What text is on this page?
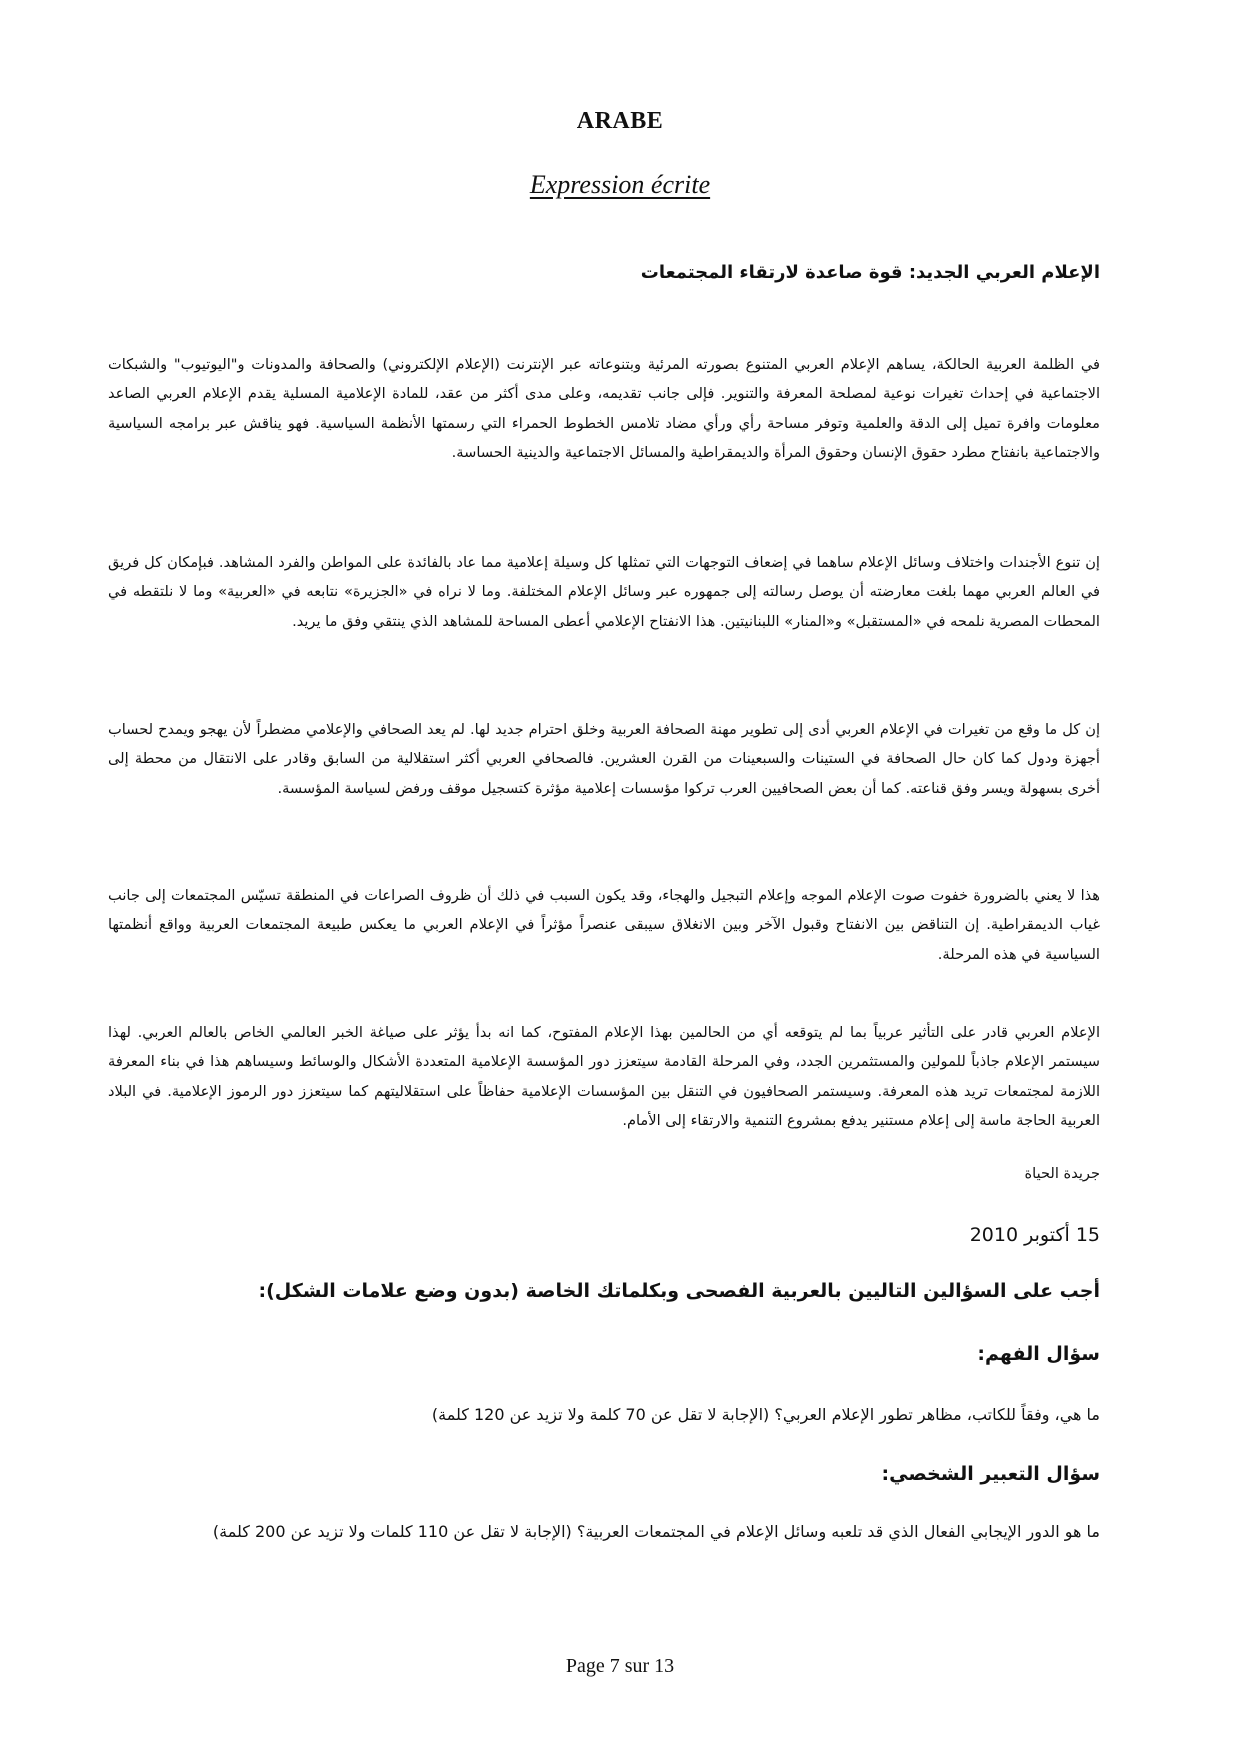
ARABE
Expression écrite
الإعلام العربي الجديد: قوة صاعدة لارتقاء المجتمعات

في الظلمة العربية الحالكة، يساهم الإعلام العربي المتنوع بصورته المرئية وبتنوعاته عبر الإنترنت (الإعلام الإلكتروني) والصحافة والمدونات و"اليوتيوب" والشبكات الاجتماعية في إحداث تغيرات نوعية لمصلحة المعرفة والتنوير. فإلى جانب تقديمه، وعلى مدى أكثر من عقد، للمادة الإعلامية المسلية يقدم الإعلام العربي الصاعد معلومات وافرة تميل إلى الدقة والعلمية وتوفر مساحة رأي ورأي مضاد تلامس الخطوط الحمراء التي رسمتها الأنظمة السياسية. فهو يناقش عبر برامجه السياسية والاجتماعية بانفتاح مطرد حقوق الإنسان وحقوق المرأة والديمقراطية والمسائل الاجتماعية والدينية الحساسة.

إن تنوع الأجندات واختلاف وسائل الإعلام ساهما في إضعاف التوجهات التي تمثلها كل وسيلة إعلامية مما عاد بالفائدة على المواطن والفرد المشاهد. فبإمكان كل فريق في العالم العربي مهما بلغت معارضته أن يوصل رسالته إلى جمهوره عبر وسائل الإعلام المختلفة. وما لا نراه في «الجزيرة» نتابعه في «العربية» وما لا نلتقطه في المحطات المصرية نلمحه في «المستقبل» و«المنار» اللبنانيتين. هذا الانفتاح الإعلامي أعطى المساحة للمشاهد الذي ينتقي وفق ما يريد.

إن كل ما وقع من تغيرات في الإعلام العربي أدى إلى تطوير مهنة الصحافة العربية وخلق احترام جديد لها. لم يعد الصحافي والإعلامي مضطراً لأن يهجو ويمدح لحساب أجهزة ودول كما كان حال الصحافة في الستينات والسبعينات من القرن العشرين. فالصحافي العربي أكثر استقلالية من السابق وقادر على الانتقال من محطة إلى أخرى بسهولة ويسر وفق قناعته. كما أن بعض الصحافيين العرب تركوا مؤسسات إعلامية مؤثرة كتسجيل موقف ورفض لسياسة المؤسسة.

هذا لا يعني بالضرورة خفوت صوت الإعلام الموجه وإعلام التبجيل والهجاء، وقد يكون السبب في ذلك أن ظروف الصراعات في المنطقة تسيّس المجتمعات إلى جانب غياب الديمقراطية. إن التناقض بين الانفتاح وقبول الآخر وبين الانغلاق سيبقى عنصراً مؤثراً في الإعلام العربي ما يعكس طبيعة المجتمعات العربية وواقع أنظمتها السياسية في هذه المرحلة.

الإعلام العربي قادر على التأثير عربياً بما لم يتوقعه أي من الحالمين بهذا الإعلام المفتوح، كما انه بدأ يؤثر على صياغة الخبر العالمي الخاص بالعالم العربي. لهذا سيستمر الإعلام جاذباً للمولين والمستثمرين الجدد، وفي المرحلة القادمة سيتعزز دور المؤسسة الإعلامية المتعددة الأشكال والوسائط وسيساهم هذا في بناء المعرفة اللازمة لمجتمعات تريد هذه المعرفة. وسيستمر الصحافيون في التنقل بين المؤسسات الإعلامية حفاظاً على استقلاليتهم كما سيتعزز دور الرموز الإعلامية. في البلاد العربية الحاجة ماسة إلى إعلام مستنير يدفع بمشروع التنمية والارتقاء إلى الأمام.

جريدة الحياة
15 أكتوبر 2010
أجب على السؤالين التاليين بالعربية الفصحى وبكلماتك الخاصة (بدون وضع علامات الشكل):
سؤال الفهم:
ما هي، وفقاً للكاتب، مظاهر تطور الإعلام العربي؟ (الإجابة لا تقل عن 70 كلمة ولا تزيد عن 120 كلمة)
سؤال التعبير الشخصي:
ما هو الدور الإيجابي الفعال الذي قد تلعبه وسائل الإعلام في المجتمعات العربية؟ (الإجابة لا تقل عن 110 كلمات ولا تزيد عن 200 كلمة)
Page 7 sur 13
